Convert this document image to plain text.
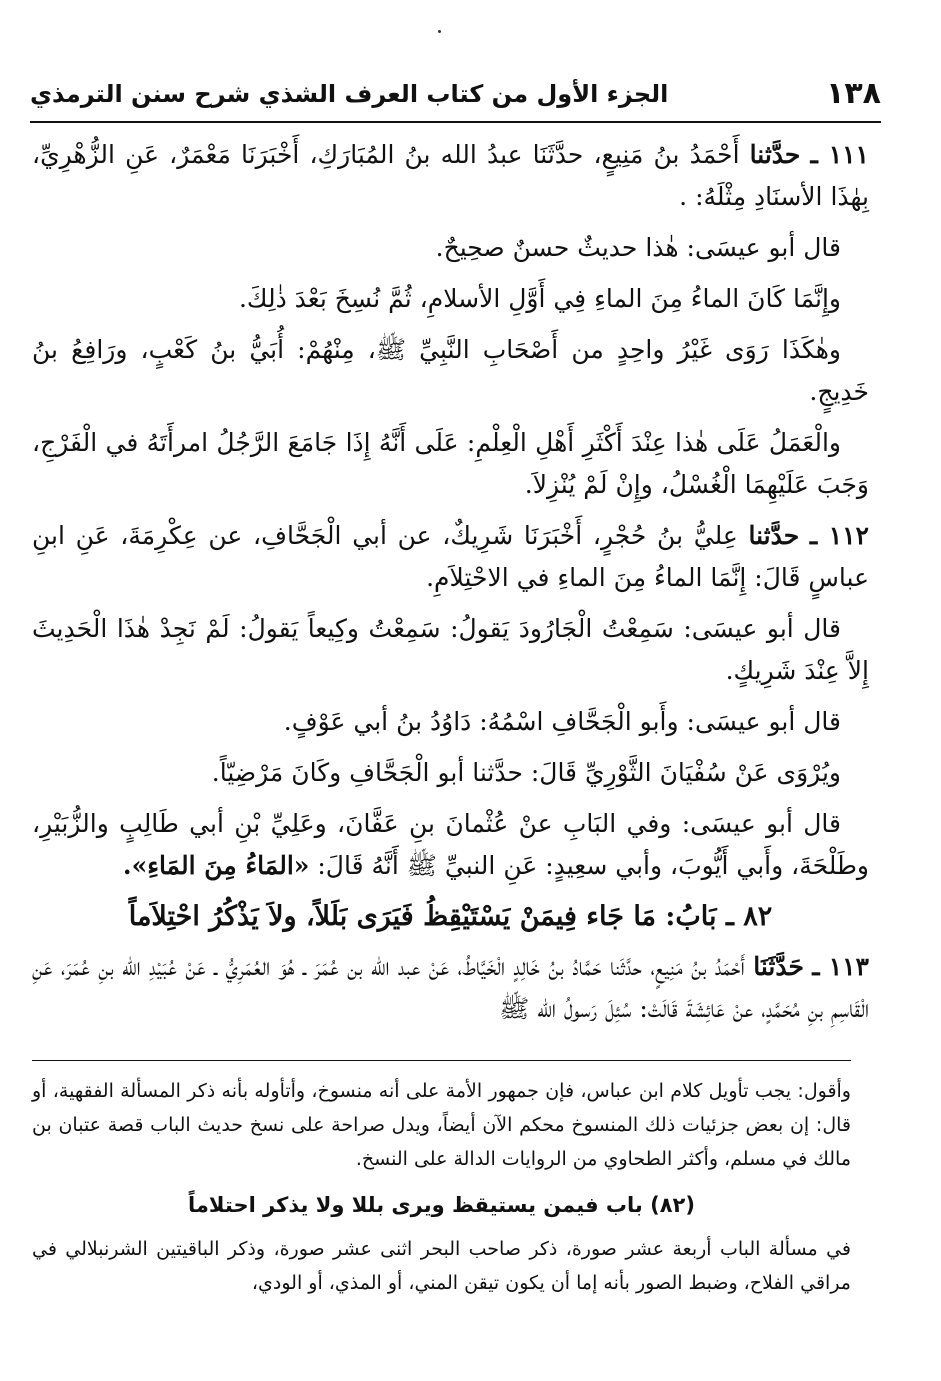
١٣٨
الجزء الأول من كتاب العرف الشذي شرح سنن الترمذي

١١١ ـ حدَّثنا أَحْمَدُ بنُ مَنِيعٍ، حدَّثَنَا عبدُ الله بنُ المُبَارَكِ، أَخْبَرَنَا مَعْمَرٌ، عَنِ الزُّهْرِيِّ، بِهٰذَا الأسنَادِ مِثْلَهُ: .

قال أبو عيسَى: هٰذا حديثٌ حسنٌ صحِيحٌ.

وإِنَّمَا كَانَ الماءُ مِنَ الماءِ فِي أَوَّلِ الأسلامِ، ثُمَّ نُسِخَ بَعْدَ ذٰلِكَ.

وهٰكَذَا رَوَى غَيْرُ واحِدٍ من أَصْحَابِ النَّبِيِّ ﷺ، مِنْهُمْ: أُبَيُّ بنُ كَعْبٍ، ورَافِعُ بنُ خَدِيجٍ.

والْعَمَلُ عَلَى هٰذا عِنْدَ أَكْثَرِ أَهْلِ الْعِلْمِ: عَلَى أَنَّهُ إِذَا جَامَعَ الرَّجُلُ امرأَتَهُ في الْفَرْجِ، وَجَبَ عَلَيْهِمَا الْغُسْلُ، وإِنْ لَمْ يُنْزِلاَ.

١١٢ ـ حدَّثنا عِليُّ بنُ حُجْرٍ، أَخْبَرَنَا شَرِيكٌ، عن أبي الْجَحَّافِ، عن عِكْرِمَةَ، عَنِ ابنِ عباسٍ قَالَ: إِنَّمَا الماءُ مِنَ الماءِ في الاحْتِلاَمِ.

قال أبو عيسَى: سَمِعْتُ الْجَارُودَ يَقولُ: سَمِعْتُ وكِيعاً يَقولُ: لَمْ نَجِدْ هٰذَا الْحَدِيثَ إِلاَّ عِنْدَ شَرِيكٍ.

قال أبو عيسَى: وأَبو الْجَحَّافِ اسْمُهُ: دَاوُدُ بنُ أبي عَوْفٍ.

ويُرْوَى عَنْ سُفْيَانَ الثَّوْرِيِّ قَالَ: حدَّثنا أبو الْجَحَّافِ وكَانَ مَرْضِيّاً.

قال أبو عيسَى: وفي البَابِ عنْ عُثْمانَ بنِ عَفَّانَ، وعَلِيِّ بْنِ أبي طَالِبٍ والزُّبَيْرِ، وطَلْحَةَ، وأَبي أَيُّوبَ، وأبي سعِيدٍ: عَنِ النبيِّ ﷺ أَنَّهُ قَالَ: «المَاءُ مِنَ المَاءِ».

٨٢ ـ بَابُ: مَا جَاء فِيمَنْ يَسْتَيْقِظُ فَيَرَى بَلَلاً، ولاَ يَذْكُرُ احْتِلاَماً

١١٣ ـ حَدَّثَنَا أَحْمَدُ بنُ مَنِيعٍ، حدَّثَنا حَمَّادُ بنُ خَالِدٍ الْخَيَّاطُ، عَنْ عبد الله بن عُمَرَ ـ هُوَ العُمَرِيُّ ـ عَنْ عُبَيْدِ الله بنِ عُمَرَ، عَنِ الْقَاسِمِ بنِ مُحَمَّدٍ، عنْ عَائِشَةَ قَالَتْ: سُئِلَ رَسولُ الله ﷺ

وأقول: يجب تأويل كلام ابن عباس، فإن جمهور الأمة على أنه منسوخ، وأتأوله بأنه ذكر المسألة الفقهية، أو قال: إن بعض جزئيات ذلك المنسوخ محكم الآن أيضاً، ويدل صراحة على نسخ حديث الباب قصة عتبان بن مالك في مسلم، وأكثر الطحاوي من الروايات الدالة على النسخ.

(٨٢) باب فيمن يستيقظ ويرى بللا ولا يذكر احتلاماً

في مسألة الباب أربعة عشر صورة، ذكر صاحب البحر اثنى عشر صورة، وذكر الباقيتين الشرنبلالي في مراقي الفلاح، وضبط الصور بأنه إما أن يكون تيقن المني، أو المذي، أو الودي،
